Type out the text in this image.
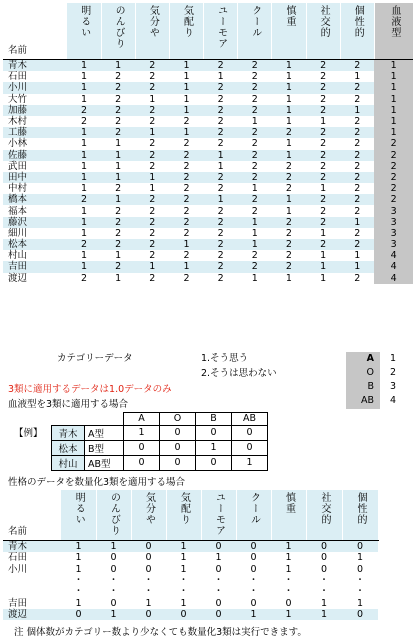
名前	明るい	のんびり	気分や	気配り	ユーモア	クール	慎重	社交的	個性的	血液型
青木	1	1	2	1	2	2	1	2	2	1
石田	1	2	2	1	1	2	1	2	1	1
小川	1	2	2	1	2	2	1	2	2	1
大竹	1	2	1	1	2	2	1	2	2	1
加藤	2	2	2	1	2	2	1	2	1	1
木村	2	2	2	2	2	1	1	1	2	1
工藤	1	2	1	1	2	2	2	2	2	1
小林	1	1	2	2	2	2	1	2	2	2
佐藤	1	1	2	2	1	2	1	2	2	2
武田	1	1	2	2	1	2	2	2	2	2
田中	1	1	1	2	2	2	2	2	2	2
中村	1	2	1	2	2	1	2	1	2	2
橋本	2	1	2	2	1	2	1	2	2	2
福本	1	2	2	2	2	2	1	2	2	3
藤沢	1	2	2	2	2	1	2	2	1	3
細川	1	2	2	2	2	1	2	1	2	3
松本	2	2	2	1	2	1	2	2	2	3
村山	1	1	2	2	2	2	2	1	1	4
吉田	1	2	1	1	2	2	2	1	1	4
渡辺	2	1	2	2	2	1	1	1	2	4
カテゴリーデータ	1.そう思う
2.そうは思わない
A 1
O 2
B 3
AB 4
3類に適用するデータは1.0データのみ
血液型を3類に適用する場合
【例】
		A	O	B	AB
青木	A型	1	0	0	0
松本	B型	0	0	1	0
村山	AB型	0	0	0	1
性格のデータを数量化3類を適用する場合
名前	明るい	のんびり	気分や	気配り	ユーモア	クール	慎重	社交的	個性的
青木	1	1	0	1	0	0	1	0	0
石田	1	0	0	1	1	0	1	0	1
小川	1	0	0	1	0	0	1	0	0
	・	・	・	・	・	・	・	・	・
	・	・	・	・	・	・	・	・	・
吉田	1	0	1	1	0	0	0	1	1
渡辺	0	1	0	0	0	1	1	1	0
注 個体数がカテゴリー数より少なくても数量化3類は実行できます。
